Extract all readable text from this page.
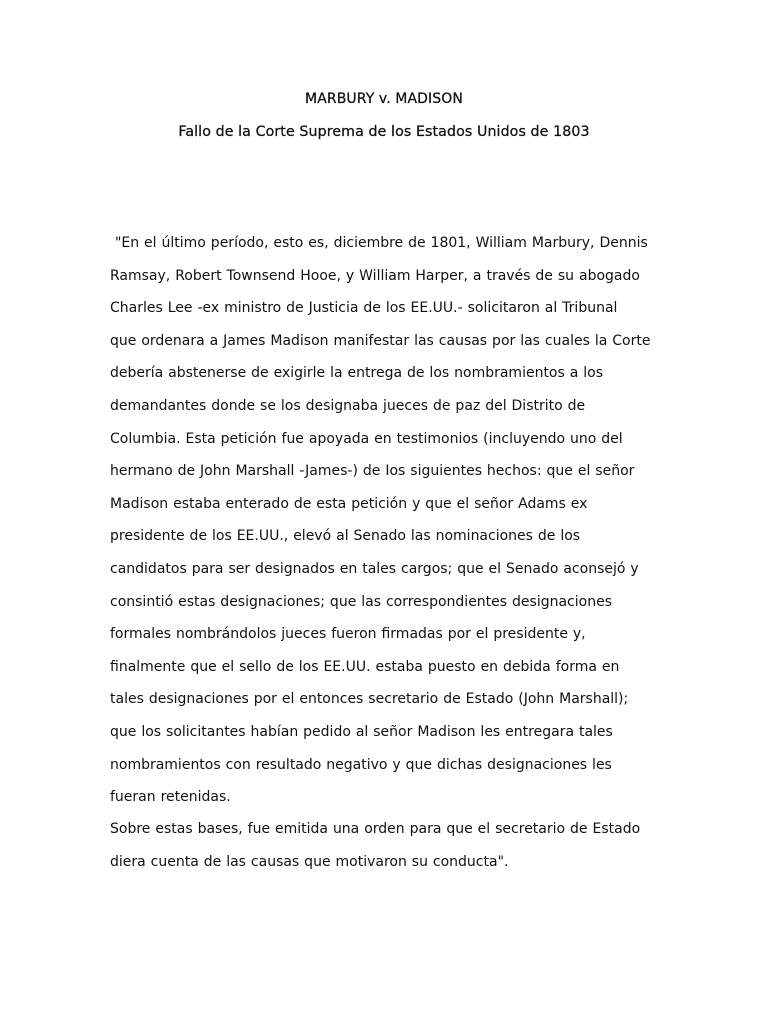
MARBURY v. MADISON
Fallo de la Corte Suprema de los Estados Unidos de 1803
"En el último período, esto es, diciembre de 1801, William Marbury, Dennis
Ramsay, Robert Townsend Hooe, y William Harper, a través de su abogado
Charles Lee -ex ministro de Justicia de los EE.UU.- solicitaron al Tribunal
que ordenara a James Madison manifestar las causas por las cuales la Corte
debería abstenerse de exigirle la entrega de los nombramientos a los
demandantes donde se los designaba jueces de paz del Distrito de
Columbia. Esta petición fue apoyada en testimonios (incluyendo uno del
hermano de John Marshall -James-) de Ios siguientes hechos: que el señor
Madison estaba enterado de esta petición y que el señor Adams ex
presidente de los EE.UU., elevó al Senado las nominaciones de los
candidatos para ser designados en tales cargos; que el Senado aconsejó y
consintió estas designaciones; que las correspondientes designaciones
formales nombrándolos jueces fueron firmadas por el presidente y,
finalmente que el sello de los EE.UU. estaba puesto en debida forma en
tales designaciones por el entonces secretario de Estado (John Marshall);
que los solicitantes habían pedido al señor Madison les entregara tales
nombramientos con resultado negativo y que dichas designaciones les
fueran retenidas.
Sobre estas bases, fue emitida una orden para que el secretario de Estado
diera cuenta de las causas que motivaron su conducta".
